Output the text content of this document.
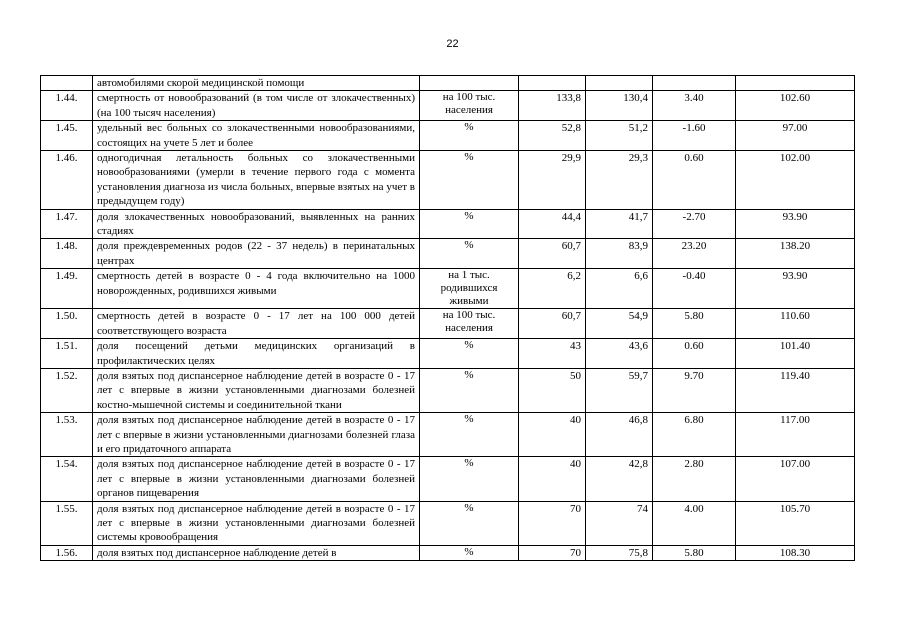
22
	автомобилями скорой медицинской помощи					
1.44.	смертность от новообразований (в том числе от злокачественных) (на 100 тысяч населения)	на 100 тыс. населения	133,8	130,4	3.40	102.60
1.45.	удельный вес больных со злокачественными новообразованиями, состоящих на учете 5 лет и более	%	52,8	51,2	-1.60	97.00
1.46.	одногодичная летальность больных со злокачественными новообразованиями (умерли в течение первого года с момента установления диагноза из числа больных, впервые взятых на учет в предыдущем году)	%	29,9	29,3	0.60	102.00
1.47.	доля злокачественных новообразований, выявленных на ранних стадиях	%	44,4	41,7	-2.70	93.90
1.48.	доля преждевременных родов (22 - 37 недель) в перинатальных центрах	%	60,7	83,9	23.20	138.20
1.49.	смертность детей в возрасте 0 - 4 года включительно на 1000 новорожденных, родившихся живыми	на 1 тыс. родившихся живыми	6,2	6,6	-0.40	93.90
1.50.	смертность детей в возрасте 0 - 17 лет на 100 000 детей соответствующего возраста	на 100 тыс. населения	60,7	54,9	5.80	110.60
1.51.	доля посещений детьми медицинских организаций в профилактических целях	%	43	43,6	0.60	101.40
1.52.	доля взятых под диспансерное наблюдение детей в возрасте 0 - 17 лет с впервые в жизни установленными диагнозами болезней костно-мышечной системы и соединительной ткани	%	50	59,7	9.70	119.40
1.53.	доля взятых под диспансерное наблюдение детей в возрасте 0 - 17 лет с впервые в жизни установленными диагнозами болезней глаза и его придаточного аппарата	%	40	46,8	6.80	117.00
1.54.	доля взятых под диспансерное наблюдение детей в возрасте 0 - 17 лет с впервые в жизни установленными диагнозами болезней органов пищеварения	%	40	42,8	2.80	107.00
1.55.	доля взятых под диспансерное наблюдение детей в возрасте 0 - 17 лет с впервые в жизни установленными диагнозами болезней системы кровообращения	%	70	74	4.00	105.70
1.56.	доля взятых под диспансерное наблюдение детей в	%	70	75,8	5.80	108.30
